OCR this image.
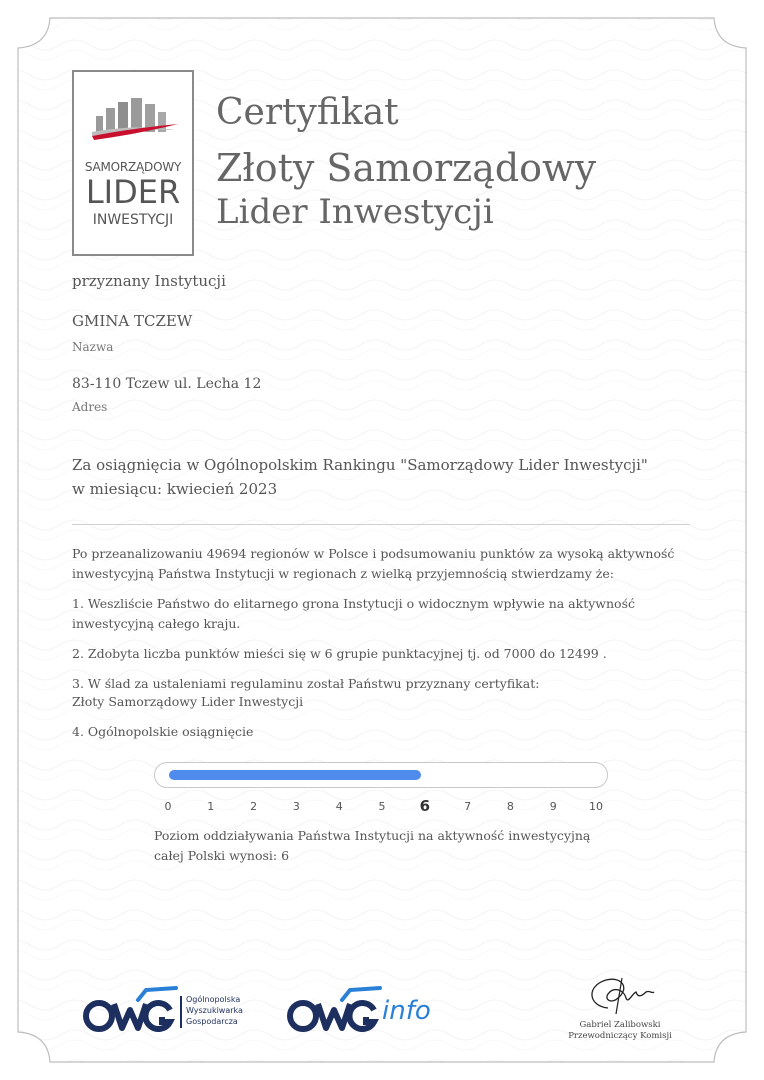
SAMORZĄDOWY
LIDER
INWESTYCJI
Certyfikat
Złoty Samorządowy
Lider Inwestycji
przyznany Instytucji
GMINA TCZEW
Nazwa
83-110 Tczew ul. Lecha 12
Adres
Za osiągnięcia w Ogólnopolskim Rankingu "Samorządowy Lider Inwestycji"
w miesiącu: kwiecień 2023
Po przeanalizowaniu 49694 regionów w Polsce i podsumowaniu punktów za wysoką aktywność
inwestycyjną Państwa Instytucji w regionach z wielką przyjemnością stwierdzamy że:
1. Weszliście Państwo do elitarnego grona Instytucji o widocznym wpływie na aktywność
inwestycyjną całego kraju.
2. Zdobyta liczba punktów mieści się w 6 grupie punktacyjnej tj. od 7000 do 12499 .
3. W ślad za ustaleniami regulaminu został Państwu przyznany certyfikat:
Złoty Samorządowy Lider Inwestycji
4. Ogólnopolskie osiągnięcie
0	1	2	3	4	5	6	7	8	9	10
Poziom oddziaływania Państwa Instytucji na aktywność inwestycyjną
całej Polski wynosi: 6
Ogólnopolska
Wyszukiwarka
Gospodarcza	info	Gabriel Zalibowski
Przewodniczący Komisji
